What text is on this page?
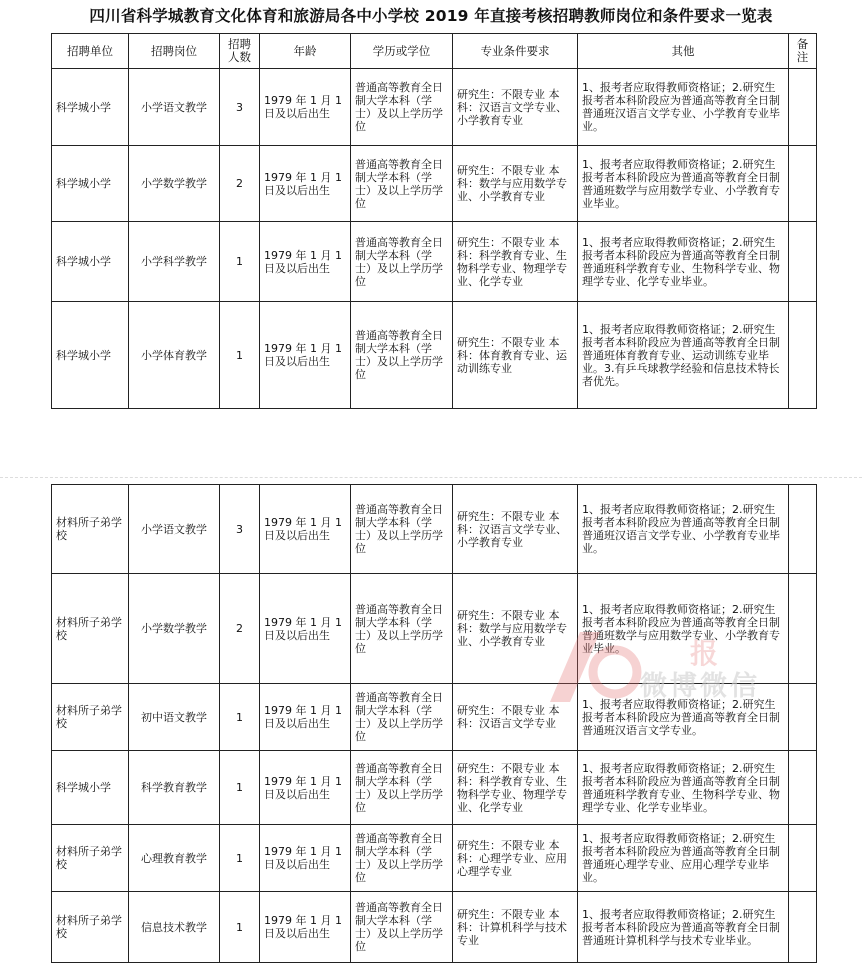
四川省科学城教育文化体育和旅游局各中小学校 2019 年直接考核招聘教师岗位和条件要求一览表
招聘单位	招聘岗位	招聘人数	年龄	学历或学位	专业条件要求	其他	备注
科学城小学	小学语文教学	3	1979 年 1 月 1 日及以后出生	普通高等教育全日制大学本科（学士）及以上学历学位	研究生：不限专业 本科：汉语言文学专业、小学教育专业	1、报考者应取得教师资格证；2.研究生报考者本科阶段应为普通高等教育全日制普通班汉语言文学专业、小学教育专业毕业。	
科学城小学	小学数学教学	2	1979 年 1 月 1 日及以后出生	普通高等教育全日制大学本科（学士）及以上学历学位	研究生：不限专业 本科：数学与应用数学专业、小学教育专业	1、报考者应取得教师资格证；2.研究生报考者本科阶段应为普通高等教育全日制普通班数学与应用数学专业、小学教育专业毕业。	
科学城小学	小学科学教学	1	1979 年 1 月 1 日及以后出生	普通高等教育全日制大学本科（学士）及以上学历学位	研究生：不限专业 本科：科学教育专业、生物科学专业、物理学专业、化学专业	1、报考者应取得教师资格证；2.研究生报考者本科阶段应为普通高等教育全日制普通班科学教育专业、生物科学专业、物理学专业、化学专业毕业。	
科学城小学	小学体育教学	1	1979 年 1 月 1 日及以后出生	普通高等教育全日制大学本科（学士）及以上学历学位	研究生：不限专业 本科：体育教育专业、运动训练专业	1、报考者应取得教师资格证；2.研究生报考者本科阶段应为普通高等教育全日制普通班体育教育专业、运动训练专业毕业。3.有乒乓球教学经验和信息技术特长者优先。	
材料所子弟学校	小学语文教学	3	1979 年 1 月 1 日及以后出生	普通高等教育全日制大学本科（学士）及以上学历学位	研究生：不限专业 本科：汉语言文学专业、小学教育专业	1、报考者应取得教师资格证；2.研究生报考者本科阶段应为普通高等教育全日制普通班汉语言文学专业、小学教育专业毕业。	
材料所子弟学校	小学数学教学	2	1979 年 1 月 1 日及以后出生	普通高等教育全日制大学本科（学士）及以上学历学位	研究生：不限专业 本科：数学与应用数学专业、小学教育专业	1、报考者应取得教师资格证；2.研究生报考者本科阶段应为普通高等教育全日制普通班数学与应用数学专业、小学教育专业毕业。	
材料所子弟学校	初中语文教学	1	1979 年 1 月 1 日及以后出生	普通高等教育全日制大学本科（学士）及以上学历学位	研究生：不限专业 本科：汉语言文学专业	1、报考者应取得教师资格证；2.研究生报考者本科阶段应为普通高等教育全日制普通班汉语言文学专业。	
科学城小学	科学教育教学	1	1979 年 1 月 1 日及以后出生	普通高等教育全日制大学本科（学士）及以上学历学位	研究生：不限专业 本科：科学教育专业、生物科学专业、物理学专业、化学专业	1、报考者应取得教师资格证；2.研究生报考者本科阶段应为普通高等教育全日制普通班科学教育专业、生物科学专业、物理学专业、化学专业毕业。	
材料所子弟学校	心理教育教学	1	1979 年 1 月 1 日及以后出生	普通高等教育全日制大学本科（学士）及以上学历学位	研究生：不限专业 本科：心理学专业、应用心理学专业	1、报考者应取得教师资格证；2.研究生报考者本科阶段应为普通高等教育全日制普通班心理学专业、应用心理学专业毕业。	
材料所子弟学校	信息技术教学	1	1979 年 1 月 1 日及以后出生	普通高等教育全日制大学本科（学士）及以上学历学位	研究生：不限专业 本科：计算机科学与技术专业	1、报考者应取得教师资格证；2.研究生报考者本科阶段应为普通高等教育全日制普通班计算机科学与技术专业毕业。	
报
微博微信
